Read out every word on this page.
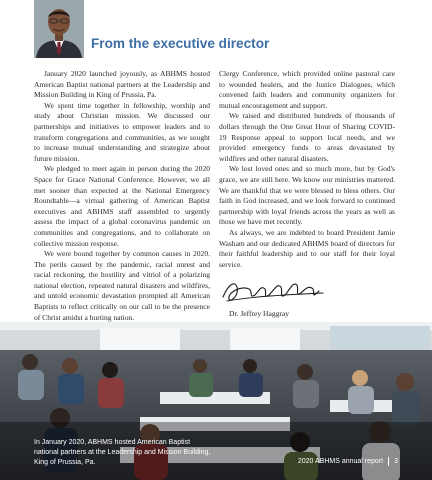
From the executive director

January 2020 launched joyously, as ABHMS hosted American Baptist national partners at the Leadership and Mission Building in King of Prussia, Pa.

We spent time together in fellowship, worship and study about Christian mission. We discussed our partnerships and initiatives to empower leaders and to transform congregations and communities, as we sought to increase mutual understanding and strategize about future mission.

We pledged to meet again in person during the 2020 Space for Grace National Conference. However, we all met sooner than expected at the National Emergency Roundtable—a virtual gathering of American Baptist executives and ABHMS staff assembled to urgently assess the impact of a global coronavirus pandemic on communities and congregations, and to collaborate on collective mission response.

We were bound together by common causes in 2020. The perils caused by the pandemic, racial unrest and racial reckoning, the hostility and vitriol of a polarizing national election, repeated natural disasters and wildfires, and untold economic devastation prompted all American Baptists to reflect critically on our call to be the presence of Christ amidst a hurting nation.

Clergy Conference, which provided online pastoral care to wounded healers, and the Justice Dialogues, which convened faith leaders and community organizers for mutual encouragement and support.

We raised and distributed hundreds of thousands of dollars through the One Great Hour of Sharing COVID-19 Response appeal to support local needs, and we provided emergency funds to areas devastated by wildfires and other natural disasters.

We lost loved ones and so much more, but by God's grace, we are still here. We know our ministries mattered. We are thankful that we were blessed to bless others. Our faith in God increased, and we look forward to continued partnership with loyal friends across the years as well as those we have met recently.

As always, we are indebted to board President Jamie Washam and our dedicated ABHMS board of directors for their faithful leadership and to our staff for their loyal service.

Dr. Jeffrey Haggray

In January 2020, ABHMS hosted American Baptist national partners at the Leadership and Mission Building, King of Prussia, Pa.	2020 ABHMS annual report 3
